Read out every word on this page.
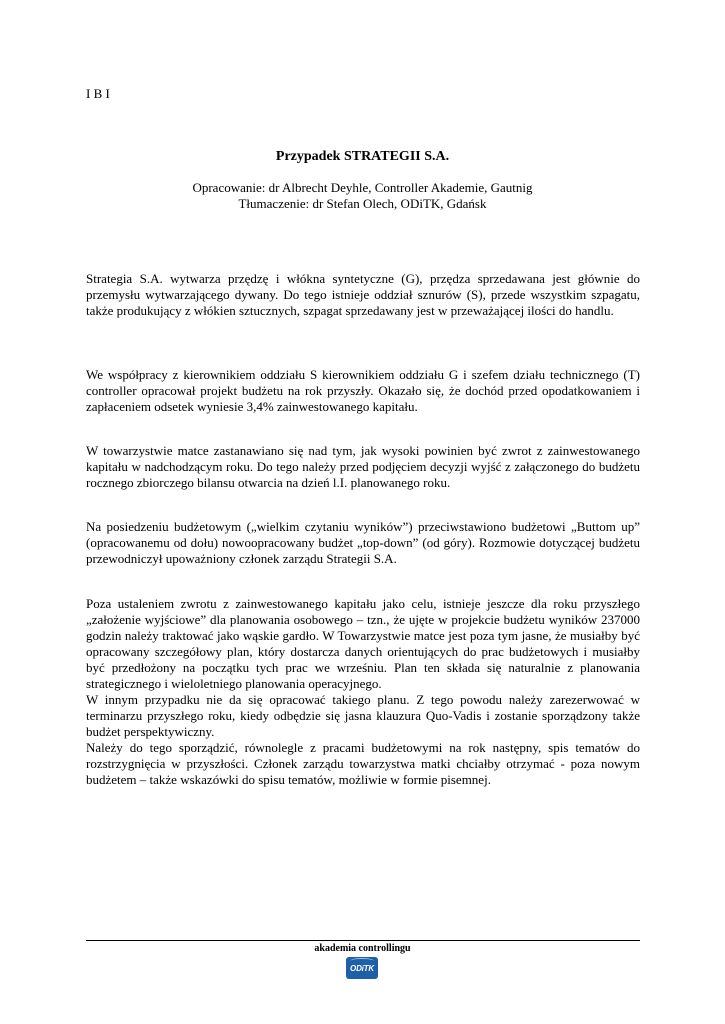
I B I
Przypadek STRATEGII S.A.
Opracowanie: dr Albrecht Deyhle, Controller Akademie, Gautnig
Tłumaczenie: dr Stefan Olech, ODiTK, Gdańsk

Strategia S.A. wytwarza przędzę i włókna syntetyczne (G), przędza sprzedawana jest głównie do przemysłu wytwarzającego dywany. Do tego istnieje oddział sznurów (S), przede wszystkim szpagatu, także produkujący z włókien sztucznych, szpagat sprzedawany jest w przeważającej ilości do handlu.

We współpracy z kierownikiem oddziału S kierownikiem oddziału G i szefem działu technicznego (T) controller opracował projekt budżetu na rok przyszły. Okazało się, że dochód przed opodatkowaniem i zapłaceniem odsetek wyniesie 3,4% zainwestowanego kapitału.

W towarzystwie matce zastanawiano się nad tym, jak wysoki powinien być zwrot z zainwestowanego kapitału w nadchodzącym roku. Do tego należy przed podjęciem decyzji wyjść z załączonego do budżetu rocznego zbiorczego bilansu otwarcia na dzień l.I. planowanego roku.

Na posiedzeniu budżetowym („wielkim czytaniu wyników”) przeciwstawiono budżetowi „Buttom up” (opracowanemu od dołu) nowoopracowany budżet „top-down” (od góry). Rozmowie dotyczącej budżetu przewodniczył upoważniony członek zarządu Strategii S.A.

Poza ustaleniem zwrotu z zainwestowanego kapitału jako celu, istnieje jeszcze dla roku przyszłego „założenie wyjściowe” dla planowania osobowego – tzn., że ujęte w projekcie budżetu wyników 237000 godzin należy traktować jako wąskie gardło. W Towarzystwie matce jest poza tym jasne, że musiałby być opracowany szczegółowy plan, który dostarcza danych orientujących do prac budżetowych i musiałby być przedłożony na początku tych prac we wrześniu. Plan ten składa się naturalnie z planowania strategicznego i wieloletniego planowania operacyjnego.

W innym przypadku nie da się opracować takiego planu. Z tego powodu należy zarezerwować w terminarzu przyszłego roku, kiedy odbędzie się jasna klauzura Quo-Vadis i zostanie sporządzony także budżet perspektywiczny.

Należy do tego sporządzić, równolegle z pracami budżetowymi na rok następny, spis tematów do rozstrzygnięcia w przyszłości. Członek zarządu towarzystwa matki chciałby otrzymać - poza nowym budżetem – także wskazówki do spisu tematów, możliwie w formie pisemnej.

akademia controllingu
ODiTK
